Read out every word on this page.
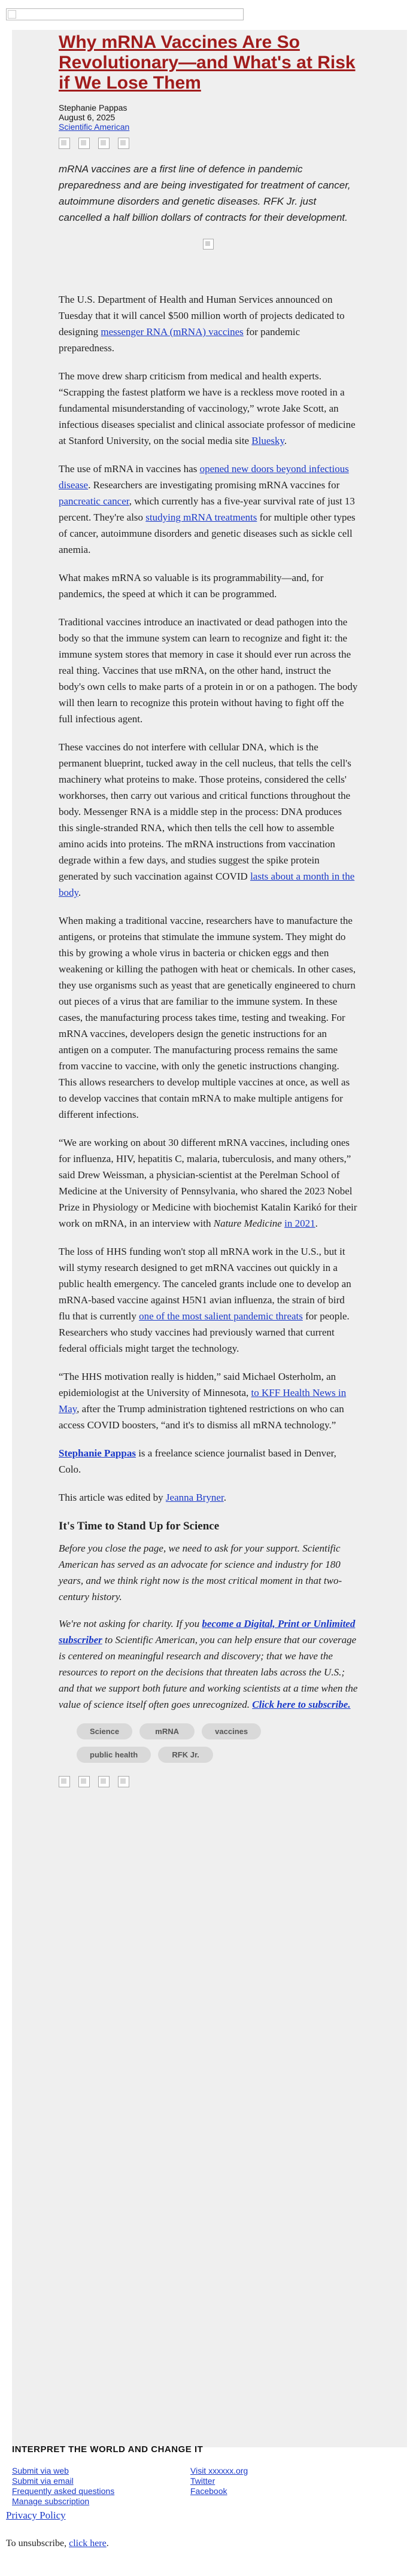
Why mRNA Vaccines Are So Revolutionary—and What's at Risk if We Lose Them
Stephanie Pappas
August 6, 2025
Scientific American
mRNA vaccines are a first line of defence in pandemic preparedness and are being investigated for treatment of cancer, autoimmune disorders and genetic diseases. RFK Jr. just cancelled a half billion dollars of contracts for their development.

The U.S. Department of Health and Human Services announced on Tuesday that it will cancel $500 million worth of projects dedicated to designing messenger RNA (mRNA) vaccines for pandemic preparedness.

The move drew sharp criticism from medical and health experts. “Scrapping the fastest platform we have is a reckless move rooted in a fundamental misunderstanding of vaccinology,” wrote Jake Scott, an infectious diseases specialist and clinical associate professor of medicine at Stanford University, on the social media site Bluesky.

The use of mRNA in vaccines has opened new doors beyond infectious disease. Researchers are investigating promising mRNA vaccines for pancreatic cancer, which currently has a five-year survival rate of just 13 percent. They're also studying mRNA treatments for multiple other types of cancer, autoimmune disorders and genetic diseases such as sickle cell anemia.

What makes mRNA so valuable is its programmability—and, for pandemics, the speed at which it can be programmed.

Traditional vaccines introduce an inactivated or dead pathogen into the body so that the immune system can learn to recognize and fight it: the immune system stores that memory in case it should ever run across the real thing. Vaccines that use mRNA, on the other hand, instruct the body's own cells to make parts of a protein in or on a pathogen. The body will then learn to recognize this protein without having to fight off the full infectious agent.

These vaccines do not interfere with cellular DNA, which is the permanent blueprint, tucked away in the cell nucleus, that tells the cell's machinery what proteins to make. Those proteins, considered the cells' workhorses, then carry out various and critical functions throughout the body. Messenger RNA is a middle step in the process: DNA produces this single-stranded RNA, which then tells the cell how to assemble amino acids into proteins. The mRNA instructions from vaccination degrade within a few days, and studies suggest the spike protein generated by such vaccination against COVID lasts about a month in the body.

When making a traditional vaccine, researchers have to manufacture the antigens, or proteins that stimulate the immune system. They might do this by growing a whole virus in bacteria or chicken eggs and then weakening or killing the pathogen with heat or chemicals. In other cases, they use organisms such as yeast that are genetically engineered to churn out pieces of a virus that are familiar to the immune system. In these cases, the manufacturing process takes time, testing and tweaking. For mRNA vaccines, developers design the genetic instructions for an antigen on a computer. The manufacturing process remains the same from vaccine to vaccine, with only the genetic instructions changing. This allows researchers to develop multiple vaccines at once, as well as to develop vaccines that contain mRNA to make multiple antigens for different infections.

“We are working on about 30 different mRNA vaccines, including ones for influenza, HIV, hepatitis C, malaria, tuberculosis, and many others,” said Drew Weissman, a physician-scientist at the Perelman School of Medicine at the University of Pennsylvania, who shared the 2023 Nobel Prize in Physiology or Medicine with biochemist Katalin Karikó for their work on mRNA, in an interview with Nature Medicine in 2021.

The loss of HHS funding won't stop all mRNA work in the U.S., but it will stymy research designed to get mRNA vaccines out quickly in a public health emergency. The canceled grants include one to develop an mRNA-based vaccine against H5N1 avian influenza, the strain of bird flu that is currently one of the most salient pandemic threats for people. Researchers who study vaccines had previously warned that current federal officials might target the technology.

“The HHS motivation really is hidden,” said Michael Osterholm, an epidemiologist at the University of Minnesota, to KFF Health News in May, after the Trump administration tightened restrictions on who can access COVID boosters, “and it's to dismiss all mRNA technology.”

Stephanie Pappas is a freelance science journalist based in Denver, Colo.

This article was edited by Jeanna Bryner.

It's Time to Stand Up for Science

Before you close the page, we need to ask for your support. Scientific American has served as an advocate for science and industry for 180 years, and we think right now is the most critical moment in that two-century history.

We're not asking for charity. If you become a Digital, Print or Unlimited subscriber to Scientific American, you can help ensure that our coverage is centered on meaningful research and discovery; that we have the resources to report on the decisions that threaten labs across the U.S.; and that we support both future and working scientists at a time when the value of science itself often goes unrecognized. Click here to subscribe.

Science	mRNA	vaccines
public health	RFK Jr.
INTERPRET THE WORLD AND CHANGE IT
Submit via web	Visit xxxxxx.org
Submit via email	Twitter
Frequently asked questions	Facebook
Manage subscription

Privacy Policy

To unsubscribe, click here.
